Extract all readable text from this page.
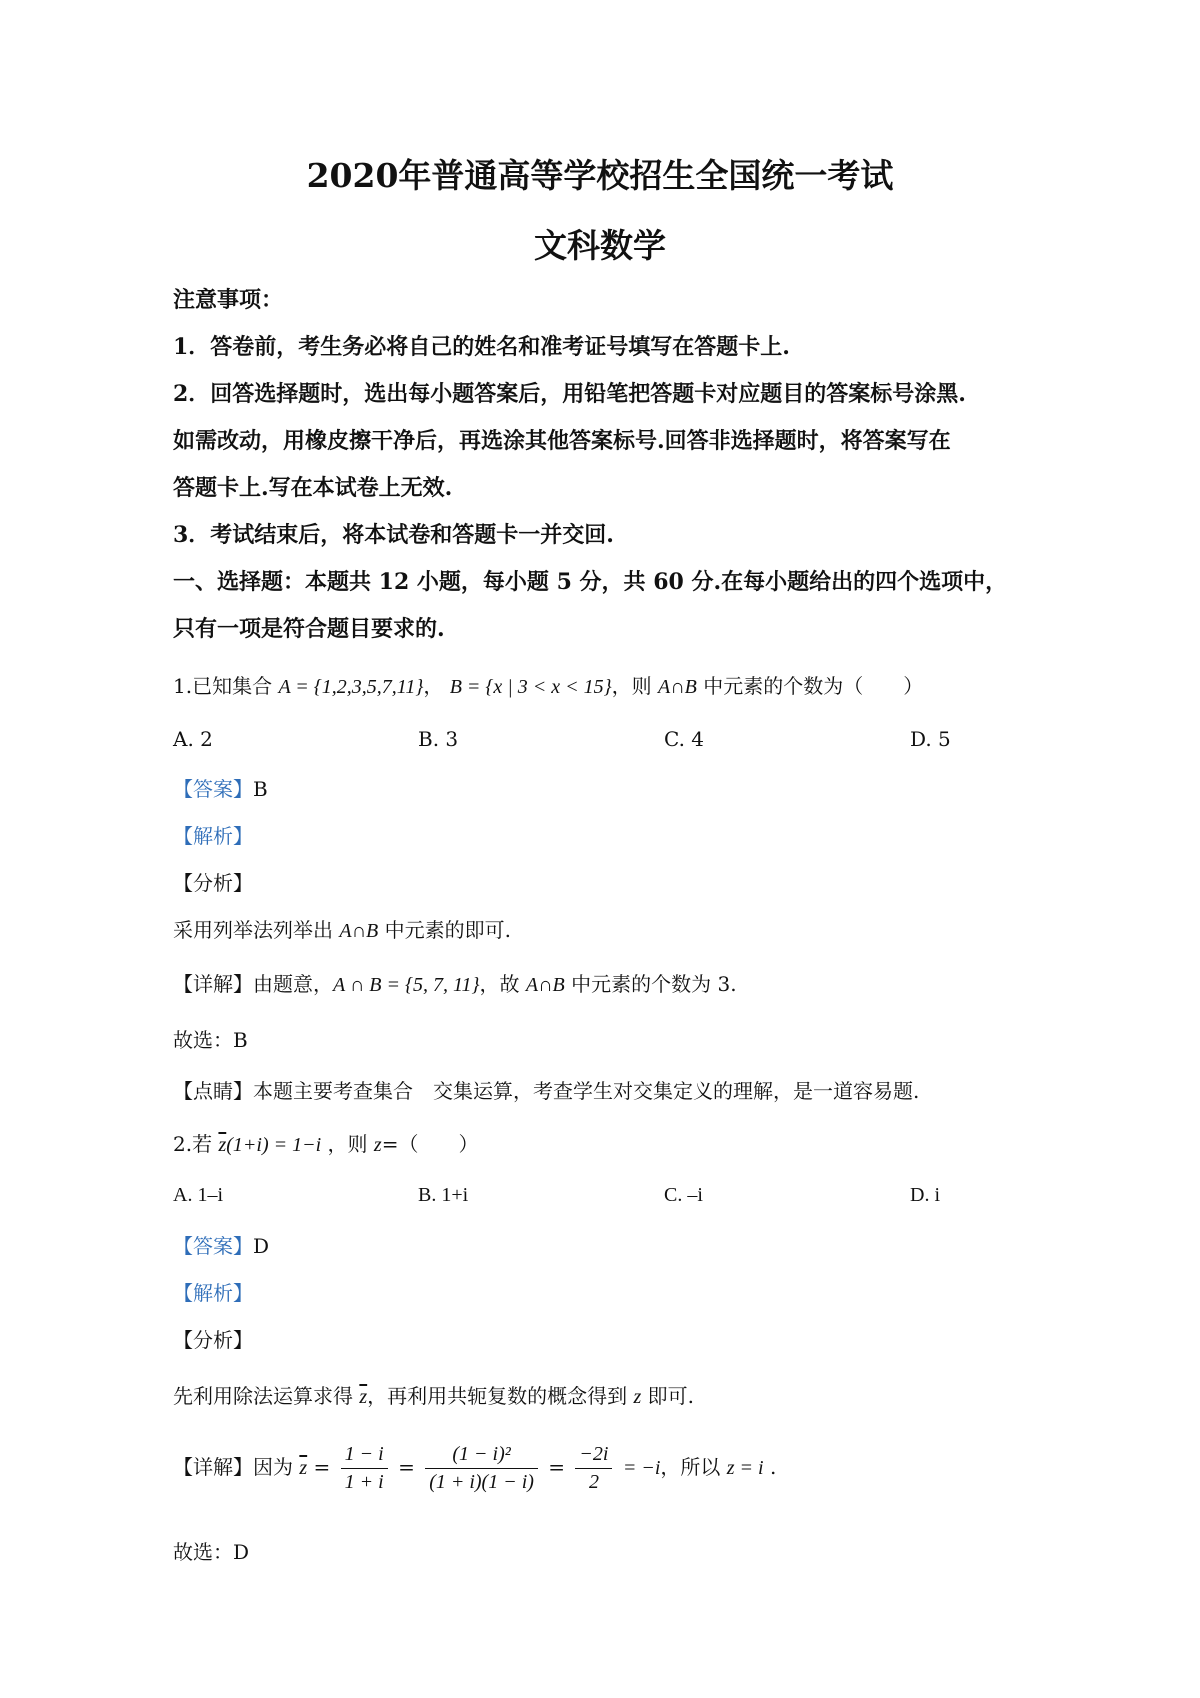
2020年普通高等学校招生全国统一考试
文科数学
注意事项：
1．答卷前，考生务必将自己的姓名和准考证号填写在答题卡上.
2．回答选择题时，选出每小题答案后，用铅笔把答题卡对应题目的答案标号涂黑.
如需改动，用橡皮擦干净后，再选涂其他答案标号.回答非选择题时，将答案写在
答题卡上.写在本试卷上无效.
3．考试结束后，将本试卷和答题卡一并交回.
一、选择题：本题共 12 小题，每小题 5 分，共 60 分.在每小题给出的四个选项中，
只有一项是符合题目要求的.
1.已知集合 A = {1,2,3,5,7,11}， B = {x | 3 < x < 15}，则 A∩B 中元素的个数为（　　）
A. 2	B. 3	C. 4	D. 5
【答案】B
【解析】
【分析】
采用列举法列举出 A∩B 中元素的即可.
【详解】由题意，A ∩ B = {5, 7, 11}，故 A∩B 中元素的个数为 3.
故选：B
【点睛】本题主要考查集合　交集运算，考查学生对交集定义的理解，是一道容易题.
2.若 $\overline{z}(1+i) = 1-i$ ，则 z=（　　）
A. 1–i	B. 1+i	C. –i	D. i
【答案】D
【解析】
【分析】
先利用除法运算求得 $\overline{z}$，再利用共轭复数的概念得到 z 即可.
【详解】因为 $\overline{z} = \frac{1 - i}{1 + i} = \frac{\text{(1 − i)²}}{(1 + i)(1 - i)} = \frac{-2i}{2} = -i$，所以 z = i .
故选：D
